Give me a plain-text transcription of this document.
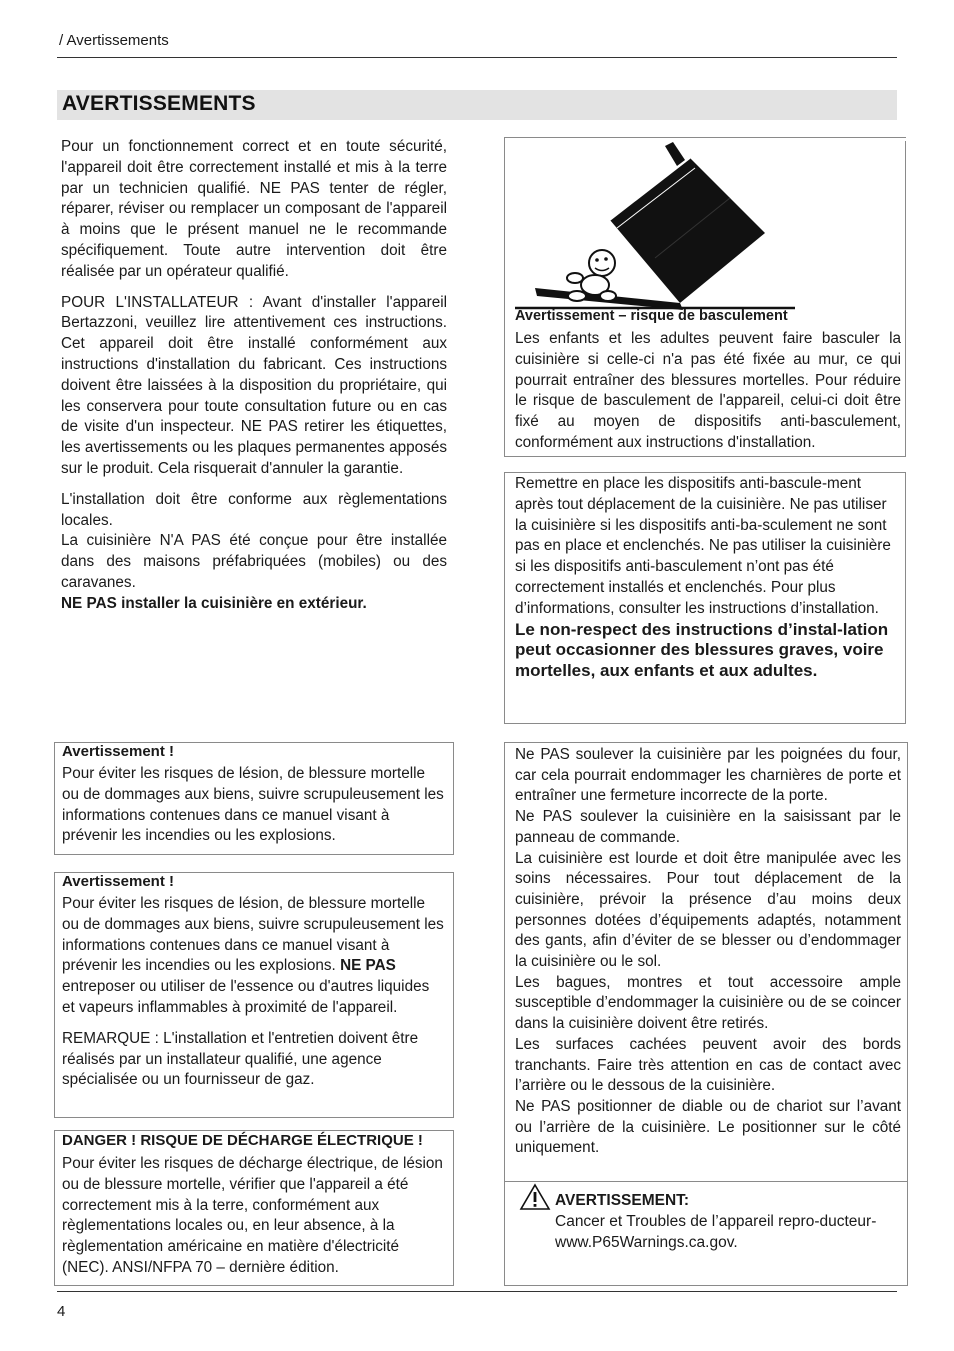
/ Avertissements
AVERTISSEMENTS

Pour un fonctionnement correct et en toute sécurité, l'appareil doit être correctement installé et mis à la terre par un technicien qualifié. NE PAS tenter de régler, réparer, réviser ou remplacer un composant de l'appareil à moins que le présent manuel ne le recommande spécifiquement. Toute autre intervention doit être réalisée par un opérateur qualifié.

POUR L'INSTALLATEUR : Avant d'installer l'appareil Bertazzoni, veuillez lire attentivement ces instructions. Cet appareil doit être installé conformément aux instructions d'installation du fabricant. Ces instructions doivent être laissées à la disposition du propriétaire, qui les conservera pour toute consultation future ou en cas de visite d'un inspecteur. NE PAS retirer les étiquettes, les avertissements ou les plaques permanentes apposés sur le produit. Cela risquerait d'annuler la garantie.

L'installation doit être conforme aux règlementations locales.

La cuisinière N'A PAS été conçue pour être installée dans des maisons préfabriquées (mobiles) ou des caravanes.

NE PAS installer la cuisinière en extérieur.

Avertissement !

Pour éviter les risques de lésion, de blessure mortelle ou de dommages aux biens, suivre scrupuleusement les informations contenues dans ce manuel visant à prévenir les incendies ou les explosions.

Avertissement !

Pour éviter les risques de lésion, de blessure mortelle ou de dommages aux biens, suivre scrupuleusement les informations contenues dans ce manuel visant à prévenir les incendies ou les explosions. NE PAS entreposer ou utiliser de l'essence ou d'autres liquides et vapeurs inflammables à proximité de l'appareil.

REMARQUE : L'installation et l'entretien doivent être réalisés par un installateur qualifié, une agence spécialisée ou un fournisseur de gaz.

DANGER ! RISQUE DE DÉCHARGE ÉLECTRIQUE !

Pour éviter les risques de décharge électrique, de lésion ou de blessure mortelle, vérifier que l'appareil a été correctement mis à la terre, conformément aux règlementations locales ou, en leur absence, à la règlementation américaine en matière d'électricité (NEC). ANSI/NFPA 70 – dernière édition.

Avertissement – risque de basculement

Les enfants et les adultes peuvent faire basculer la cuisinière si celle-ci n'a pas été fixée au mur, ce qui pourrait entraîner des blessures mortelles. Pour réduire le risque de basculement de l'appareil, celui-ci doit être fixé au moyen de dispositifs anti-basculement, conformément aux instructions d'installation.

Remettre en place les dispositifs anti-bascule-ment après tout déplacement de la cuisinière. Ne pas utiliser la cuisinière si les dispositifs anti-ba-sculement ne sont pas en place et enclenchés. Ne pas utiliser la cuisinière si les dispositifs anti-basculement n’ont pas été correctement installés et enclenchés. Pour plus d’informations, consulter les instructions d’installation.

Le non-respect des instructions d’instal-lation peut occasionner des blessures graves, voire mortelles, aux enfants et aux adultes.

Ne PAS soulever la cuisinière par les poignées du four, car cela pourrait endommager les charnières de porte et entraîner une fermeture incorrecte de la porte.

Ne PAS soulever la cuisinière en la saisissant par le panneau de commande.

La cuisinière est lourde et doit être manipulée avec les soins nécessaires. Pour tout déplacement de la cuisinière, prévoir la présence d’au moins deux personnes dotées d’équipements adaptés, notamment des gants, afin d’éviter de se blesser ou d’endommager la cuisinière ou le sol.

Les bagues, montres et tout accessoire ample susceptible d’endommager la cuisinière ou de se coincer dans la cuisinière doivent être retirés.

Les surfaces cachées peuvent avoir des bords tranchants. Faire très attention en cas de contact avec l’arrière ou le dessous de la cuisinière.

Ne PAS positionner de diable ou de chariot sur l’avant ou l’arrière de la cuisinière. Le positionner sur le côté uniquement.

AVERTISSEMENT:
Cancer et Troubles de l’appareil repro-ducteur-
www.P65Warnings.ca.gov.
4
